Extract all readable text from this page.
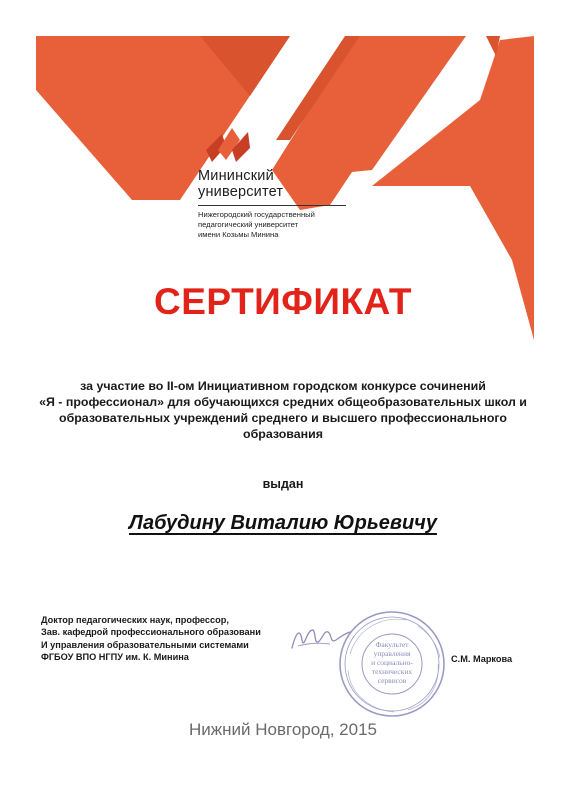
Мининский
университет
Нижегородский государственный
педагогический университет
имени Козьмы Минина
СЕРТИФИКАТ
за участие во II-ом Инициативном городском конкурсе сочинений
«Я - профессионал» для обучающихся средних общеобразовательных школ и
образовательных учреждений среднего и высшего профессионального
образования
выдан
Лабудину Виталию Юрьевичу
Доктор педагогических наук, профессор,
Зав. кафедрой профессионального образовани
И управления образовательными системами
ФГБОУ ВПО НГПУ им. К. Минина
Факультет
управления
и социально-
технических
сервисов
С.М. Маркова
Нижний Новгород, 2015
